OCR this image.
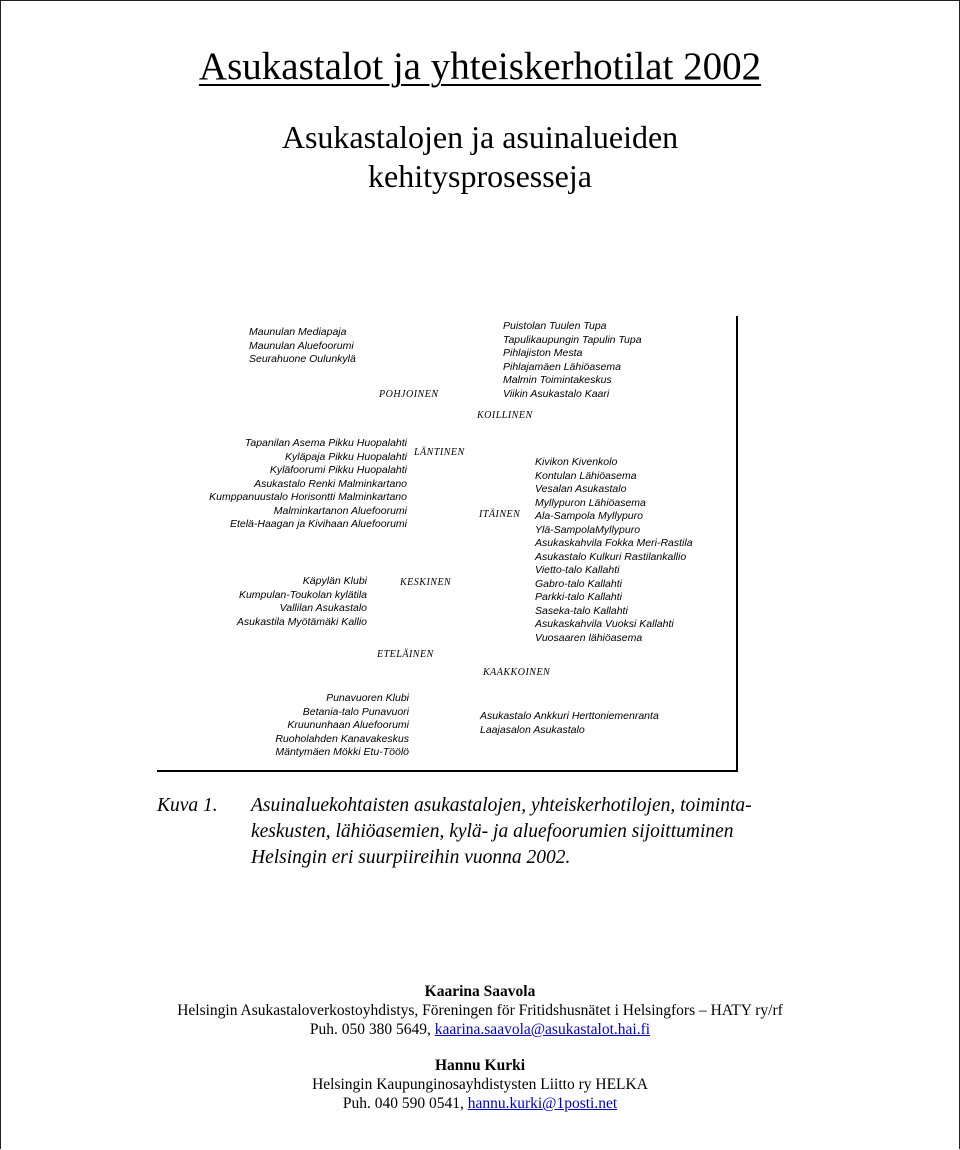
Asukastalot ja yhteiskerhotilat 2002
Asukastalojen ja asuinalueiden
kehitysprosesseja
Maunulan Mediapaja
Maunulan Aluefoorumi
Seurahuone Oulunkylä
Puistolan Tuulen Tupa
Tapulikaupungin Tapulin Tupa
Pihlajiston Mesta
Pihlajamäen Lähiöasema
Malmin Toimintakeskus
Viikin Asukastalo Kaari
POHJOINEN
KOILLINEN
Tapanilan Asema Pikku Huopalahti
Kyläpaja Pikku Huopalahti
Kyläfoorumi Pikku Huopalahti
Asukastalo Renki Malminkartano
Kumppanuustalo Horisontti Malminkartano
Malminkartanon Aluefoorumi
Etelä-Haagan ja Kivihaan Aluefoorumi
LÄNTINEN
ITÄINEN
Kivikon Kivenkolo
Kontulan Lähiöasema
Vesalan Asukastalo
Myllypuron Lähiöasema
Ala-Sampola Myllypuro
Ylä-SampolaMyllypuro
Asukaskahvila Fokka Meri-Rastila
Asukastalo Kulkuri Rastilankallio
Vietto-talo Kallahti
Gabro-talo Kallahti
Parkki-talo Kallahti
Saseka-talo Kallahti
Asukaskahvila Vuoksi Kallahti
Vuosaaren lähiöasema
Käpylän Klubi
Kumpulan-Toukolan kylätila
Vallilan Asukastalo
Asukastila Myötämäki Kallio
KESKINEN
ETELÄINEN
KAAKKOINEN
Punavuoren Klubi
Betania-talo Punavuori
Kruununhaan Aluefoorumi
Ruoholahden Kanavakeskus
Mäntymäen Mökki Etu-Töölö
Asukastalo Ankkuri Herttoniemenranta
Laajasalon Asukastalo
Kuva 1. Asuinaluekohtaisten asukastalojen, yhteiskerhotilojen, toiminta-
keskusten, lähiöasemien, kylä- ja aluefoorumien sijoittuminen
Helsingin eri suurpiireihin vuonna 2002.
Kaarina Saavola
Helsingin Asukastaloverkostoyhdistys, Föreningen för Fritidshusnätet i Helsingfors – HATY ry/rf
Puh. 050 380 5649, kaarina.saavola@asukastalot.hai.fi
Hannu Kurki
Helsingin Kaupunginosayhdistysten Liitto ry HELKA
Puh. 040 590 0541, hannu.kurki@1posti.net
